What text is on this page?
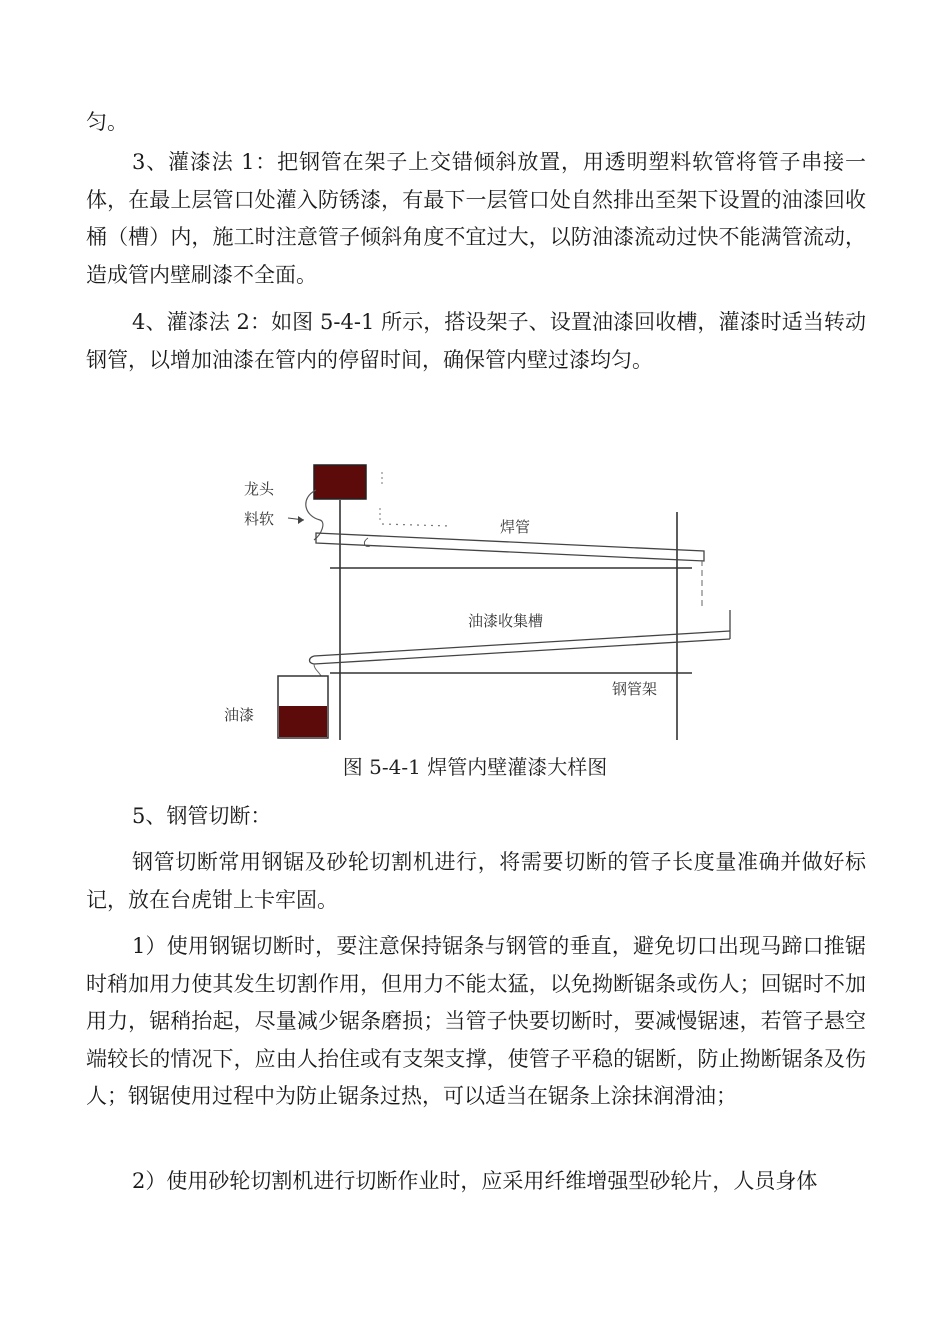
匀。

3、灌漆法 1：把钢管在架子上交错倾斜放置，用透明塑料软管将管子串接一体，在最上层管口处灌入防锈漆，有最下一层管口处自然排出至架下设置的油漆回收桶（槽）内，施工时注意管子倾斜角度不宜过大，以防油漆流动过快不能满管流动，造成管内壁刷漆不全面。

4、灌漆法 2：如图 5-4-1 所示，搭设架子、设置油漆回收槽，灌漆时适当转动钢管，以增加油漆在管内的停留时间，确保管内壁过漆均匀。

龙头
料软	焊管
油漆收集槽
钢管架
油漆
图 5-4-1 焊管内壁灌漆大样图

5、钢管切断：

钢管切断常用钢锯及砂轮切割机进行，将需要切断的管子长度量准确并做好标记，放在台虎钳上卡牢固。

1）使用钢锯切断时，要注意保持锯条与钢管的垂直，避免切口出现马蹄口推锯时稍加用力使其发生切割作用，但用力不能太猛，以免拗断锯条或伤人；回锯时不加用力，锯稍抬起，尽量减少锯条磨损；当管子快要切断时，要减慢锯速，若管子悬空端较长的情况下，应由人抬住或有支架支撑，使管子平稳的锯断，防止拗断锯条及伤人；钢锯使用过程中为防止锯条过热，可以适当在锯条上涂抹润滑油；

2）使用砂轮切割机进行切断作业时，应采用纤维增强型砂轮片，人员身体
